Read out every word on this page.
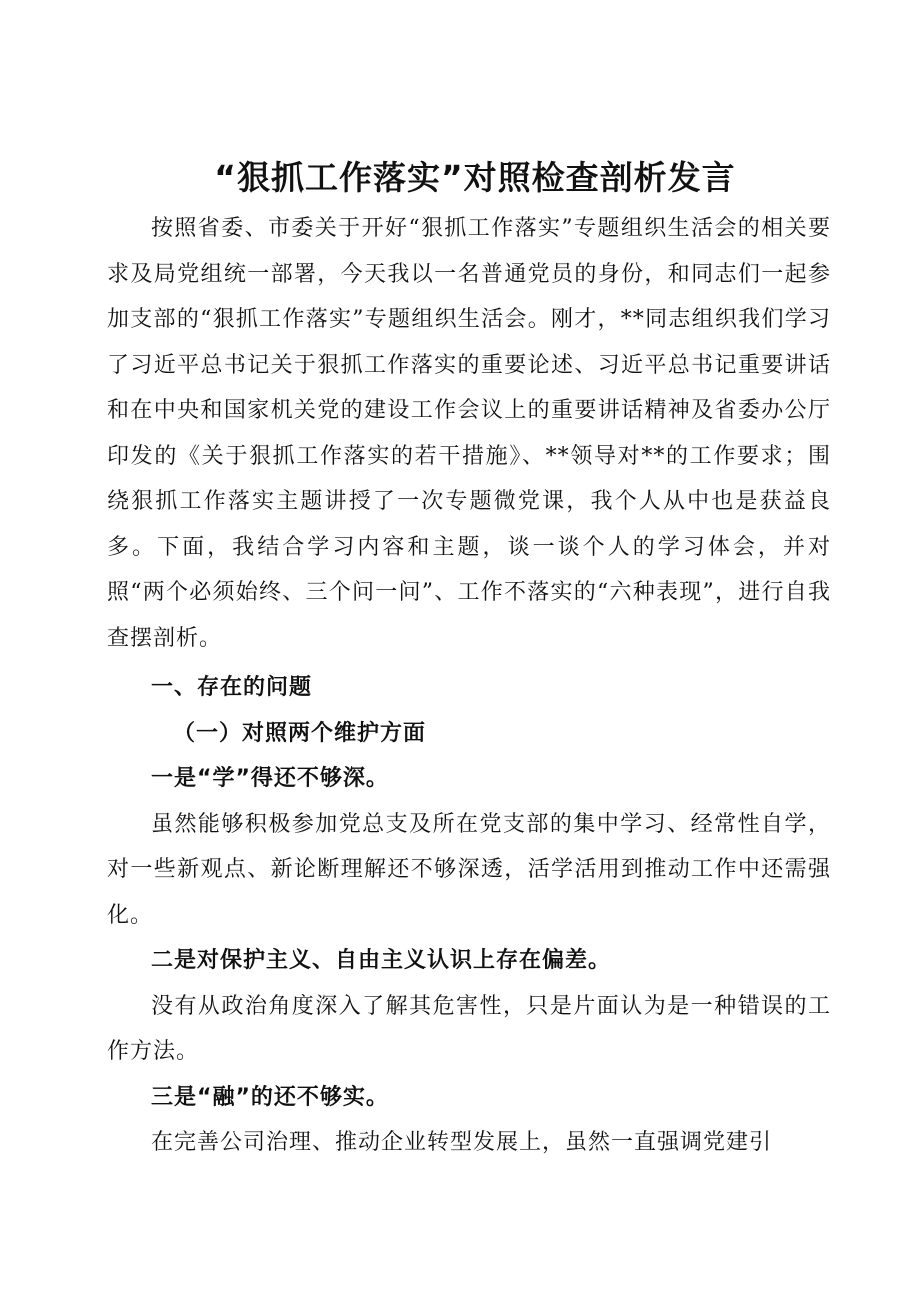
“狠抓工作落实”对照检查剖析发言

按照省委、市委关于开好“狠抓工作落实”专题组织生活会的相关要求及局党组统一部署，今天我以一名普通党员的身份，和同志们一起参加支部的“狠抓工作落实”专题组织生活会。刚才，**同志组织我们学习了习近平总书记关于狠抓工作落实的重要论述、习近平总书记重要讲话和在中央和国家机关党的建设工作会议上的重要讲话精神及省委办公厅印发的《关于狠抓工作落实的若干措施》、**领导对**的工作要求；围绕狠抓工作落实主题讲授了一次专题微党课，我个人从中也是获益良多。下面，我结合学习内容和主题，谈一谈个人的学习体会，并对照“两个必须始终、三个问一问”、工作不落实的“六种表现”，进行自我查摆剖析。

一、存在的问题

（一）对照两个维护方面

一是“学”得还不够深。

虽然能够积极参加党总支及所在党支部的集中学习、经常性自学，对一些新观点、新论断理解还不够深透，活学活用到推动工作中还需强化。

二是对保护主义、自由主义认识上存在偏差。

没有从政治角度深入了解其危害性，只是片面认为是一种错误的工作方法。

三是“融”的还不够实。

在完善公司治理、推动企业转型发展上，虽然一直强调党建引
